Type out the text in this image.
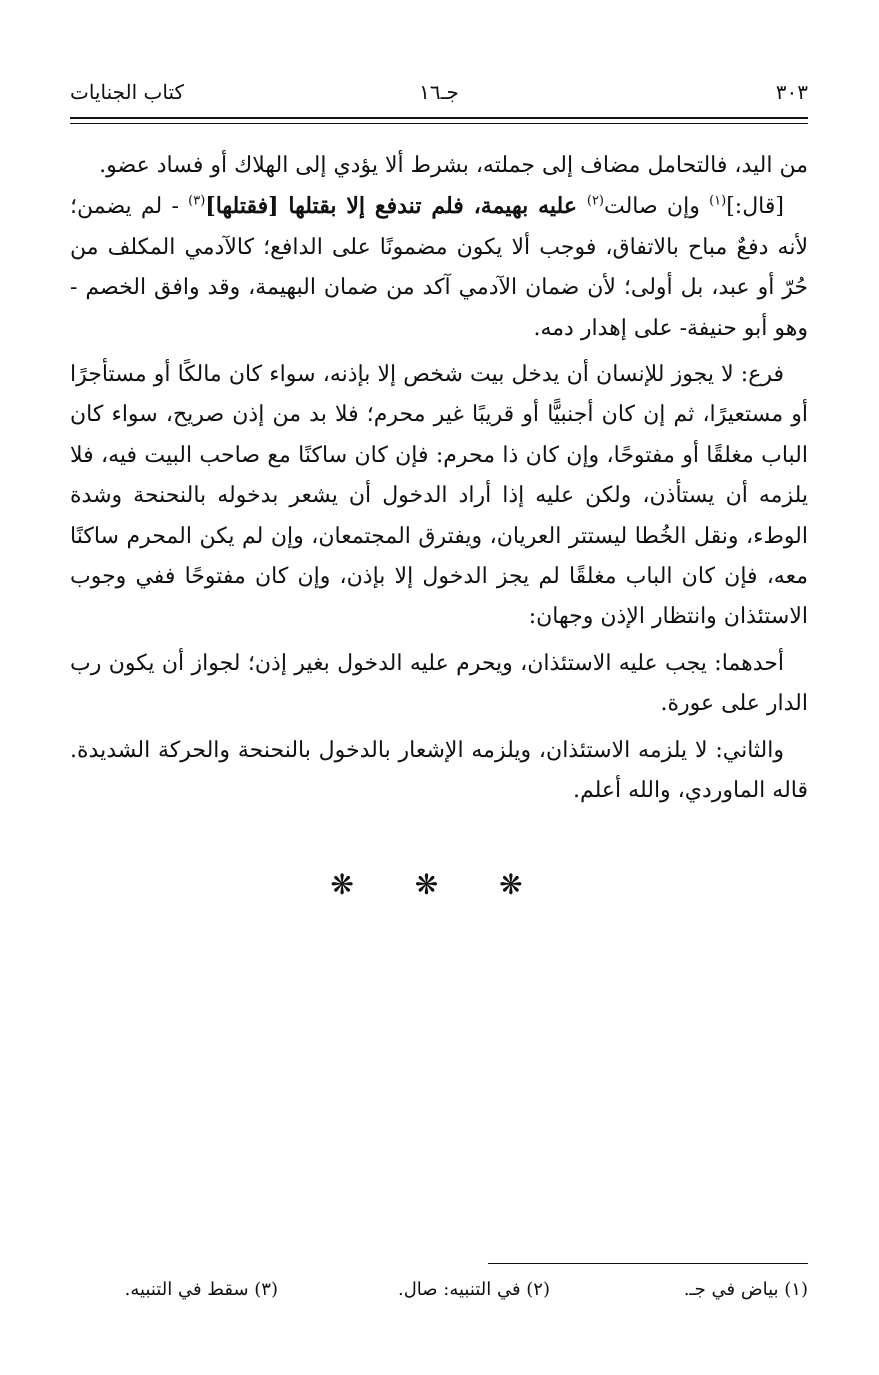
٣٠٣
جـ١٦
كتاب الجنايات

من اليد، فالتحامل مضاف إلى جملته، بشرط ألا يؤدي إلى الهلاك أو فساد عضو.

[قال:]$^{(١)}$ وإن صالت$^{(٢)}$ عليه بهيمة، فلم تندفع إلا بقتلها [فقتلها]$^{(٣)}$ - لم يضمن؛ لأنه دفعٌ مباح بالاتفاق، فوجب ألا يكون مضمونًا على الدافع؛ كالآدمي المكلف من حُرّ أو عبد، بل أولى؛ لأن ضمان الآدمي آكد من ضمان البهيمة، وقد وافق الخصم - وهو أبو حنيفة- على إهدار دمه.

فرع: لا يجوز للإنسان أن يدخل بيت شخص إلا بإذنه، سواء كان مالكًا أو مستأجرًا أو مستعيرًا، ثم إن كان أجنبيًّا أو قريبًا غير محرم؛ فلا بد من إذن صريح، سواء كان الباب مغلقًا أو مفتوحًا، وإن كان ذا محرم: فإن كان ساكنًا مع صاحب البيت فيه، فلا يلزمه أن يستأذن، ولكن عليه إذا أراد الدخول أن يشعر بدخوله بالنحنحة وشدة الوطء، ونقل الخُطا ليستتر العريان، ويفترق المجتمعان، وإن لم يكن المحرم ساكنًا معه، فإن كان الباب مغلقًا لم يجز الدخول إلا بإذن، وإن كان مفتوحًا ففي وجوب الاستئذان وانتظار الإذن وجهان:

أحدهما: يجب عليه الاستئذان، ويحرم عليه الدخول بغير إذن؛ لجواز أن يكون رب الدار على عورة.

والثاني: لا يلزمه الاستئذان، ويلزمه الإشعار بالدخول بالنحنحة والحركة الشديدة. قاله الماوردي، والله أعلم.

❋ ❋ ❋
(١) بياض في جـ.
(٢) في التنبيه: صال.
(٣) سقط في التنبيه.
